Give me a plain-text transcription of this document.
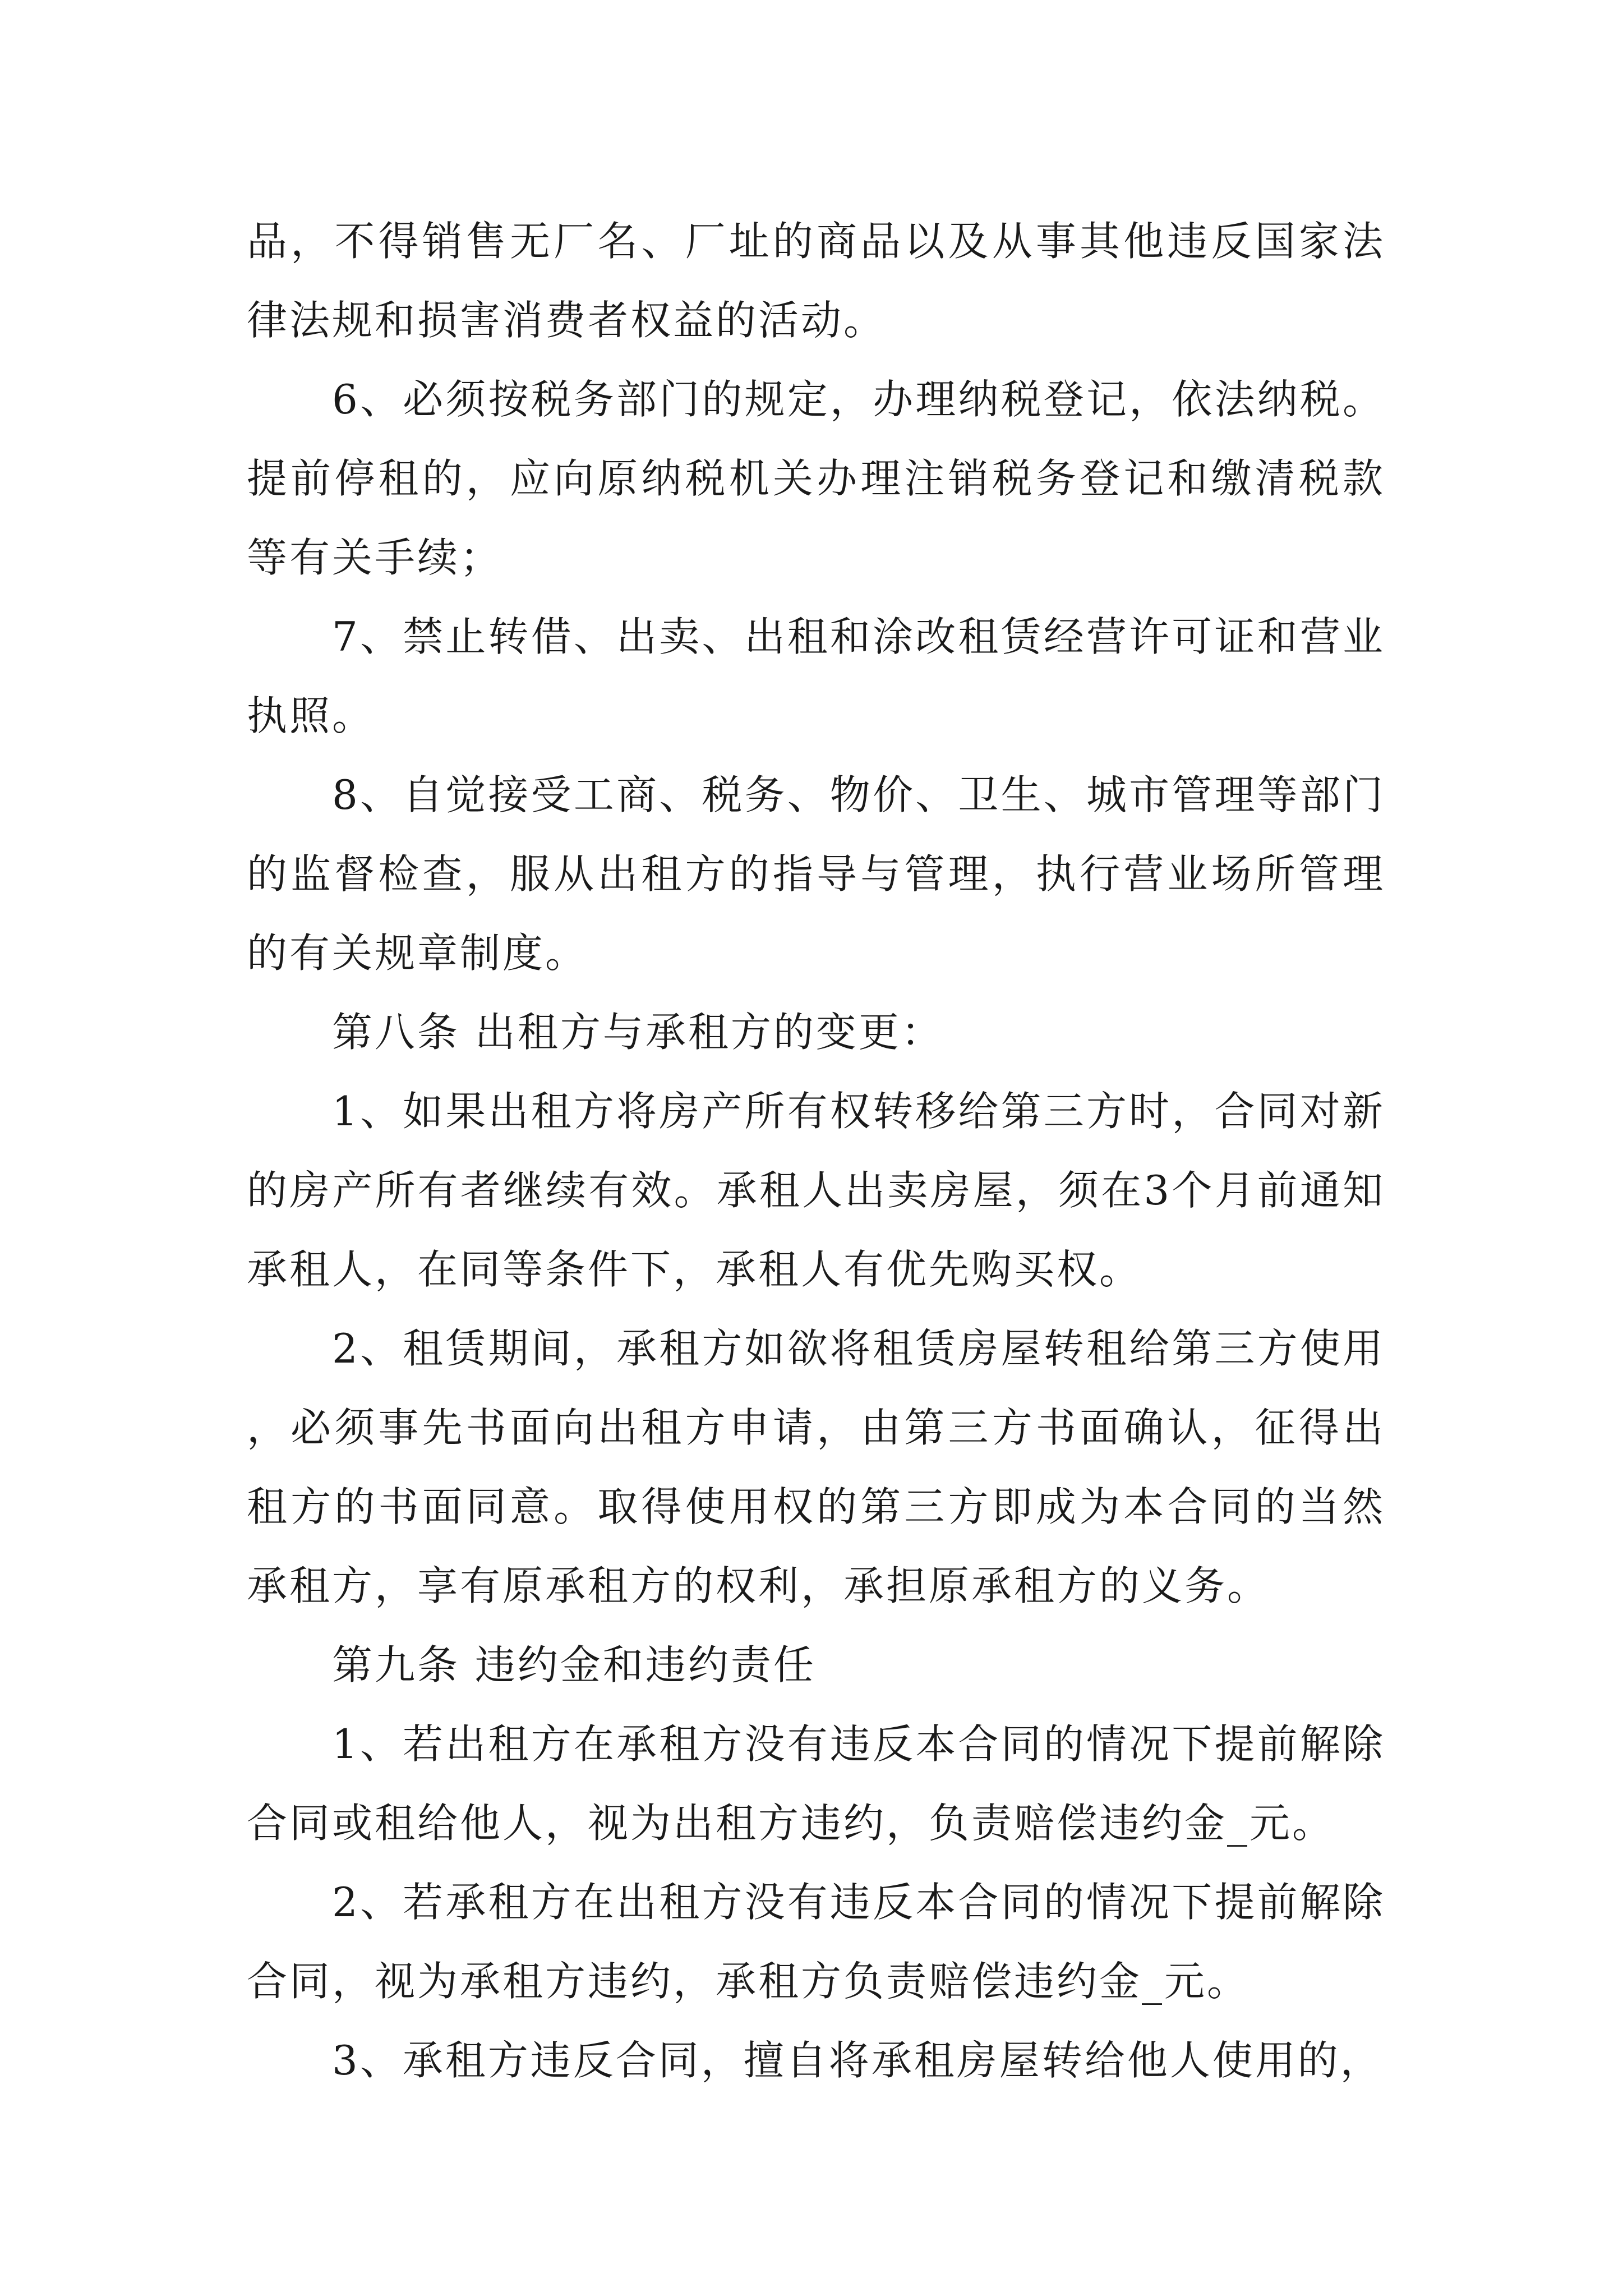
品，不得销售无厂名、厂址的商品以及从事其他违反国家法律法规和损害消费者权益的活动。

6、必须按税务部门的规定，办理纳税登记，依法纳税。提前停租的，应向原纳税机关办理注销税务登记和缴清税款等有关手续；

7、禁止转借、出卖、出租和涂改租赁经营许可证和营业执照。

8、自觉接受工商、税务、物价、卫生、城市管理等部门的监督检查，服从出租方的指导与管理，执行营业场所管理的有关规章制度。

第八条 出租方与承租方的变更：

1、如果出租方将房产所有权转移给第三方时，合同对新的房产所有者继续有效。承租人出卖房屋，须在3个月前通知承租人，在同等条件下，承租人有优先购买权。

2、租赁期间，承租方如欲将租赁房屋转租给第三方使用，必须事先书面向出租方申请，由第三方书面确认，征得出租方的书面同意。取得使用权的第三方即成为本合同的当然承租方，享有原承租方的权利，承担原承租方的义务。

第九条 违约金和违约责任

1、若出租方在承租方没有违反本合同的情况下提前解除合同或租给他人，视为出租方违约，负责赔偿违约金_元。

2、若承租方在出租方没有违反本合同的情况下提前解除合同，视为承租方违约，承租方负责赔偿违约金_元。

3、承租方违反合同，擅自将承租房屋转给他人使用的，
